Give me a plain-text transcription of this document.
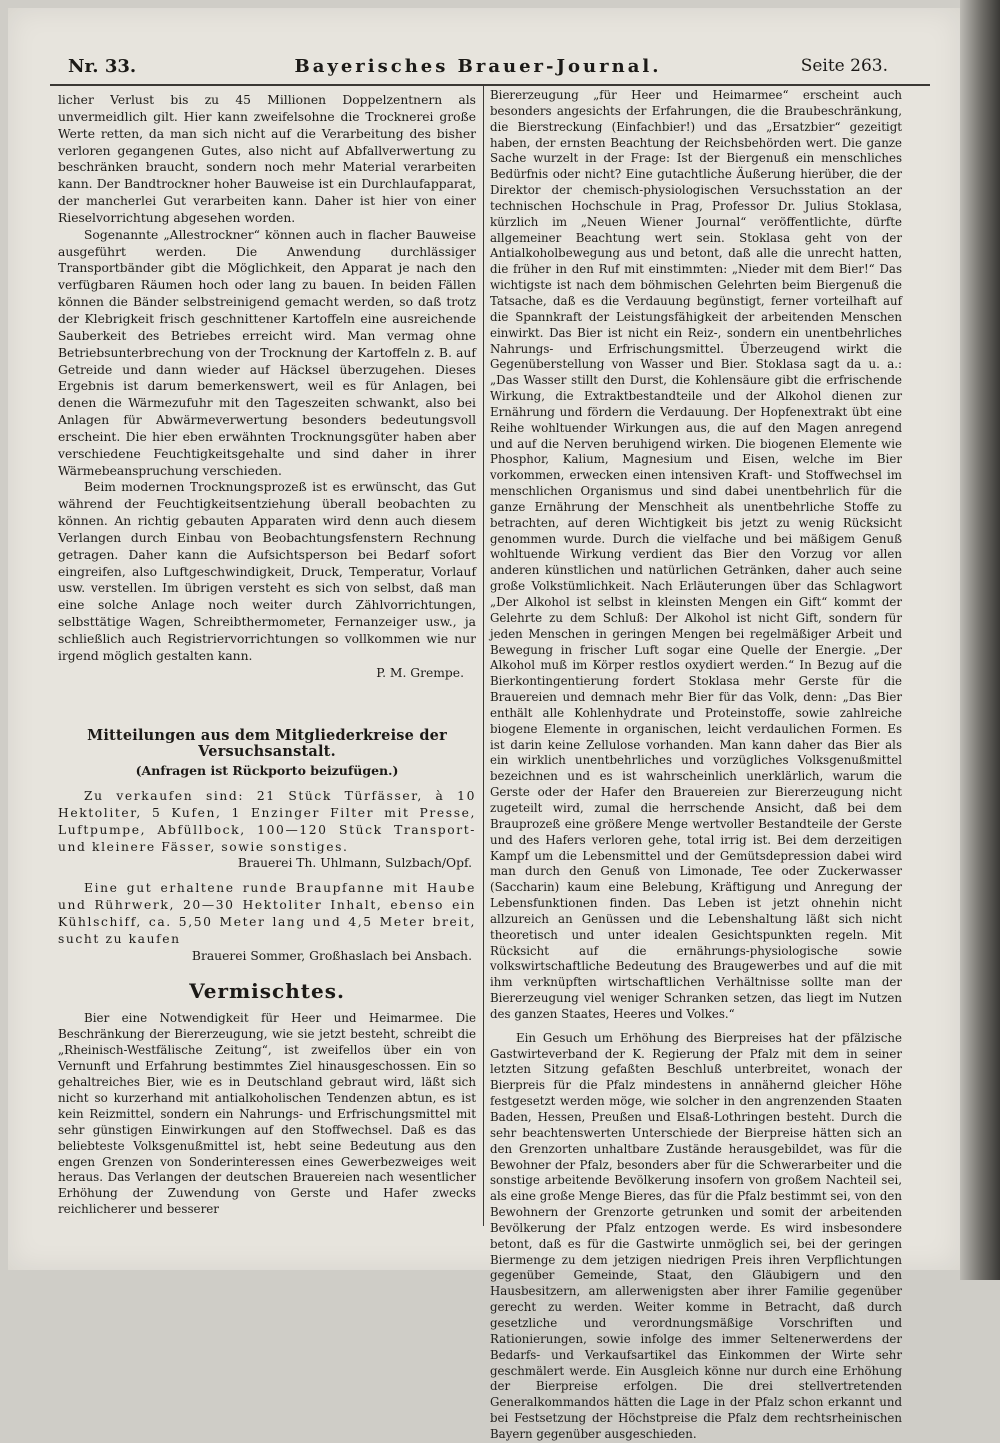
Nr. 33.	Bayerisches Brauer-Journal.	Seite 263.

licher Verlust bis zu 45 Millionen Doppelzentnern als unvermeidlich gilt. Hier kann zweifelsohne die Trocknerei große Werte retten, da man sich nicht auf die Verarbeitung des bisher verloren gegangenen Gutes, also nicht auf Abfallverwertung zu beschränken braucht, sondern noch mehr Material verarbeiten kann. Der Bandtrockner hoher Bauweise ist ein Durchlaufapparat, der mancherlei Gut verarbeiten kann. Daher ist hier von einer Rieselvorrichtung abgesehen worden.

Sogenannte „Allestrockner“ können auch in flacher Bauweise ausgeführt werden. Die Anwendung durchlässiger Transportbänder gibt die Möglichkeit, den Apparat je nach den verfügbaren Räumen hoch oder lang zu bauen. In beiden Fällen können die Bänder selbstreinigend gemacht werden, so daß trotz der Klebrigkeit frisch geschnittener Kartoffeln eine ausreichende Sauberkeit des Betriebes erreicht wird. Man vermag ohne Betriebsunterbrechung von der Trocknung der Kartoffeln z. B. auf Getreide und dann wieder auf Häcksel überzugehen. Dieses Ergebnis ist darum bemerkenswert, weil es für Anlagen, bei denen die Wärmezufuhr mit den Tageszeiten schwankt, also bei Anlagen für Abwärmeverwertung besonders bedeutungsvoll erscheint. Die hier eben erwähnten Trocknungsgüter haben aber verschiedene Feuchtigkeitsgehalte und sind daher in ihrer Wärmebeanspruchung verschieden.

Beim modernen Trocknungsprozeß ist es erwünscht, das Gut während der Feuchtigkeitsentziehung überall beobachten zu können. An richtig gebauten Apparaten wird denn auch diesem Verlangen durch Einbau von Beobachtungsfenstern Rechnung getragen. Daher kann die Aufsichtsperson bei Bedarf sofort eingreifen, also Luftgeschwindigkeit, Druck, Temperatur, Vorlauf usw. verstellen. Im übrigen versteht es sich von selbst, daß man eine solche Anlage noch weiter durch Zählvorrichtungen, selbsttätige Wagen, Schreibthermometer, Fernanzeiger usw., ja schließlich auch Registriervorrichtungen so vollkommen wie nur irgend möglich gestalten kann.

P. M. Grempe.
Mitteilungen aus dem Mitgliederkreise der Versuchsanstalt.
(Anfragen ist Rückporto beizufügen.)

Zu verkaufen sind: 21 Stück Türfässer, à 10 Hektoliter, 5 Kufen, 1 Enzinger Filter mit Presse, Luftpumpe, Abfüllbock, 100—120 Stück Transport- und kleinere Fässer, sowie sonstiges.

Brauerei Th. Uhlmann, Sulzbach/Opf.

Eine gut erhaltene runde Braupfanne mit Haube und Rührwerk, 20—30 Hektoliter Inhalt, ebenso ein Kühlschiff, ca. 5,50 Meter lang und 4,5 Meter breit, sucht zu kaufen

Brauerei Sommer, Großhaslach bei Ansbach.
Vermischtes.

Bier eine Notwendigkeit für Heer und Heimarmee. Die Beschränkung der Biererzeugung, wie sie jetzt besteht, schreibt die „Rheinisch-Westfälische Zeitung“, ist zweifellos über ein von Vernunft und Erfahrung bestimmtes Ziel hinausgeschossen. Ein so gehaltreiches Bier, wie es in Deutschland gebraut wird, läßt sich nicht so kurzerhand mit antialkoholischen Tendenzen abtun, es ist kein Reizmittel, sondern ein Nahrungs- und Erfrischungsmittel mit sehr günstigen Einwirkungen auf den Stoffwechsel. Daß es das beliebteste Volksgenußmittel ist, hebt seine Bedeutung aus den engen Grenzen von Sonderinteressen eines Gewerbezweiges weit heraus. Das Verlangen der deutschen Brauereien nach wesentlicher Erhöhung der Zuwendung von Gerste und Hafer zwecks reichlicherer und besserer

Biererzeugung „für Heer und Heimarmee“ erscheint auch besonders angesichts der Erfahrungen, die die Braubeschränkung, die Bierstreckung (Einfachbier!) und das „Ersatzbier“ gezeitigt haben, der ernsten Beachtung der Reichsbehörden wert. Die ganze Sache wurzelt in der Frage: Ist der Biergenuß ein menschliches Bedürfnis oder nicht? Eine gutachtliche Äußerung hierüber, die der Direktor der chemisch-physiologischen Versuchsstation an der technischen Hochschule in Prag, Professor Dr. Julius Stoklasa, kürzlich im „Neuen Wiener Journal“ veröffentlichte, dürfte allgemeiner Beachtung wert sein. Stoklasa geht von der Antialkoholbewegung aus und betont, daß alle die unrecht hatten, die früher in den Ruf mit einstimmten: „Nieder mit dem Bier!“ Das wichtigste ist nach dem böhmischen Gelehrten beim Biergenuß die Tatsache, daß es die Verdauung begünstigt, ferner vorteilhaft auf die Spannkraft der Leistungsfähigkeit der arbeitenden Menschen einwirkt. Das Bier ist nicht ein Reiz-, sondern ein unentbehrliches Nahrungs- und Erfrischungsmittel. Überzeugend wirkt die Gegenüberstellung von Wasser und Bier. Stoklasa sagt da u. a.: „Das Wasser stillt den Durst, die Kohlensäure gibt die erfrischende Wirkung, die Extraktbestandteile und der Alkohol dienen zur Ernährung und fördern die Verdauung. Der Hopfenextrakt übt eine Reihe wohltuender Wirkungen aus, die auf den Magen anregend und auf die Nerven beruhigend wirken. Die biogenen Elemente wie Phosphor, Kalium, Magnesium und Eisen, welche im Bier vorkommen, erwecken einen intensiven Kraft- und Stoffwechsel im menschlichen Organismus und sind dabei unentbehrlich für die ganze Ernährung der Menschheit als unentbehrliche Stoffe zu betrachten, auf deren Wichtigkeit bis jetzt zu wenig Rücksicht genommen wurde. Durch die vielfache und bei mäßigem Genuß wohltuende Wirkung verdient das Bier den Vorzug vor allen anderen künstlichen und natürlichen Getränken, daher auch seine große Volkstümlichkeit. Nach Erläuterungen über das Schlagwort „Der Alkohol ist selbst in kleinsten Mengen ein Gift“ kommt der Gelehrte zu dem Schluß: Der Alkohol ist nicht Gift, sondern für jeden Menschen in geringen Mengen bei regelmäßiger Arbeit und Bewegung in frischer Luft sogar eine Quelle der Energie. „Der Alkohol muß im Körper restlos oxydiert werden.“ In Bezug auf die Bierkontingentierung fordert Stoklasa mehr Gerste für die Brauereien und demnach mehr Bier für das Volk, denn: „Das Bier enthält alle Kohlenhydrate und Proteinstoffe, sowie zahlreiche biogene Elemente in organischen, leicht verdaulichen Formen. Es ist darin keine Zellulose vorhanden. Man kann daher das Bier als ein wirklich unentbehrliches und vorzügliches Volksgenußmittel bezeichnen und es ist wahrscheinlich unerklärlich, warum die Gerste oder der Hafer den Brauereien zur Biererzeugung nicht zugeteilt wird, zumal die herrschende Ansicht, daß bei dem Brauprozeß eine größere Menge wertvoller Bestandteile der Gerste und des Hafers verloren gehe, total irrig ist. Bei dem derzeitigen Kampf um die Lebensmittel und der Gemütsdepression dabei wird man durch den Genuß von Limonade, Tee oder Zuckerwasser (Saccharin) kaum eine Belebung, Kräftigung und Anregung der Lebensfunktionen finden. Das Leben ist jetzt ohnehin nicht allzureich an Genüssen und die Lebenshaltung läßt sich nicht theoretisch und unter idealen Gesichtspunkten regeln. Mit Rücksicht auf die ernährungs-physiologische sowie volkswirtschaftliche Bedeutung des Braugewerbes und auf die mit ihm verknüpften wirtschaftlichen Verhältnisse sollte man der Biererzeugung viel weniger Schranken setzen, das liegt im Nutzen des ganzen Staates, Heeres und Volkes.“

Ein Gesuch um Erhöhung des Bierpreises hat der pfälzische Gastwirteverband der K. Regierung der Pfalz mit dem in seiner letzten Sitzung gefaßten Beschluß unterbreitet, wonach der Bierpreis für die Pfalz mindestens in annähernd gleicher Höhe festgesetzt werden möge, wie solcher in den angrenzenden Staaten Baden, Hessen, Preußen und Elsaß-Lothringen besteht. Durch die sehr beachtenswerten Unterschiede der Bierpreise hätten sich an den Grenzorten unhaltbare Zustände herausgebildet, was für die Bewohner der Pfalz, besonders aber für die Schwerarbeiter und die sonstige arbeitende Bevölkerung insofern von großem Nachteil sei, als eine große Menge Bieres, das für die Pfalz bestimmt sei, von den Bewohnern der Grenzorte getrunken und somit der arbeitenden Bevölkerung der Pfalz entzogen werde. Es wird insbesondere betont, daß es für die Gastwirte unmöglich sei, bei der geringen Biermenge zu dem jetzigen niedrigen Preis ihren Verpflichtungen gegenüber Gemeinde, Staat, den Gläubigern und den Hausbesitzern, am allerwenigsten aber ihrer Familie gegenüber gerecht zu werden. Weiter komme in Betracht, daß durch gesetzliche und verordnungsmäßige Vorschriften und Rationierungen, sowie infolge des immer Seltenerwerdens der Bedarfs- und Verkaufsartikel das Einkommen der Wirte sehr geschmälert werde. Ein Ausgleich könne nur durch eine Erhöhung der Bierpreise erfolgen. Die drei stellvertretenden Generalkommandos hätten die Lage in der Pfalz schon erkannt und bei Festsetzung der Höchstpreise die Pfalz dem rechtsrheinischen Bayern gegenüber ausgeschieden.
